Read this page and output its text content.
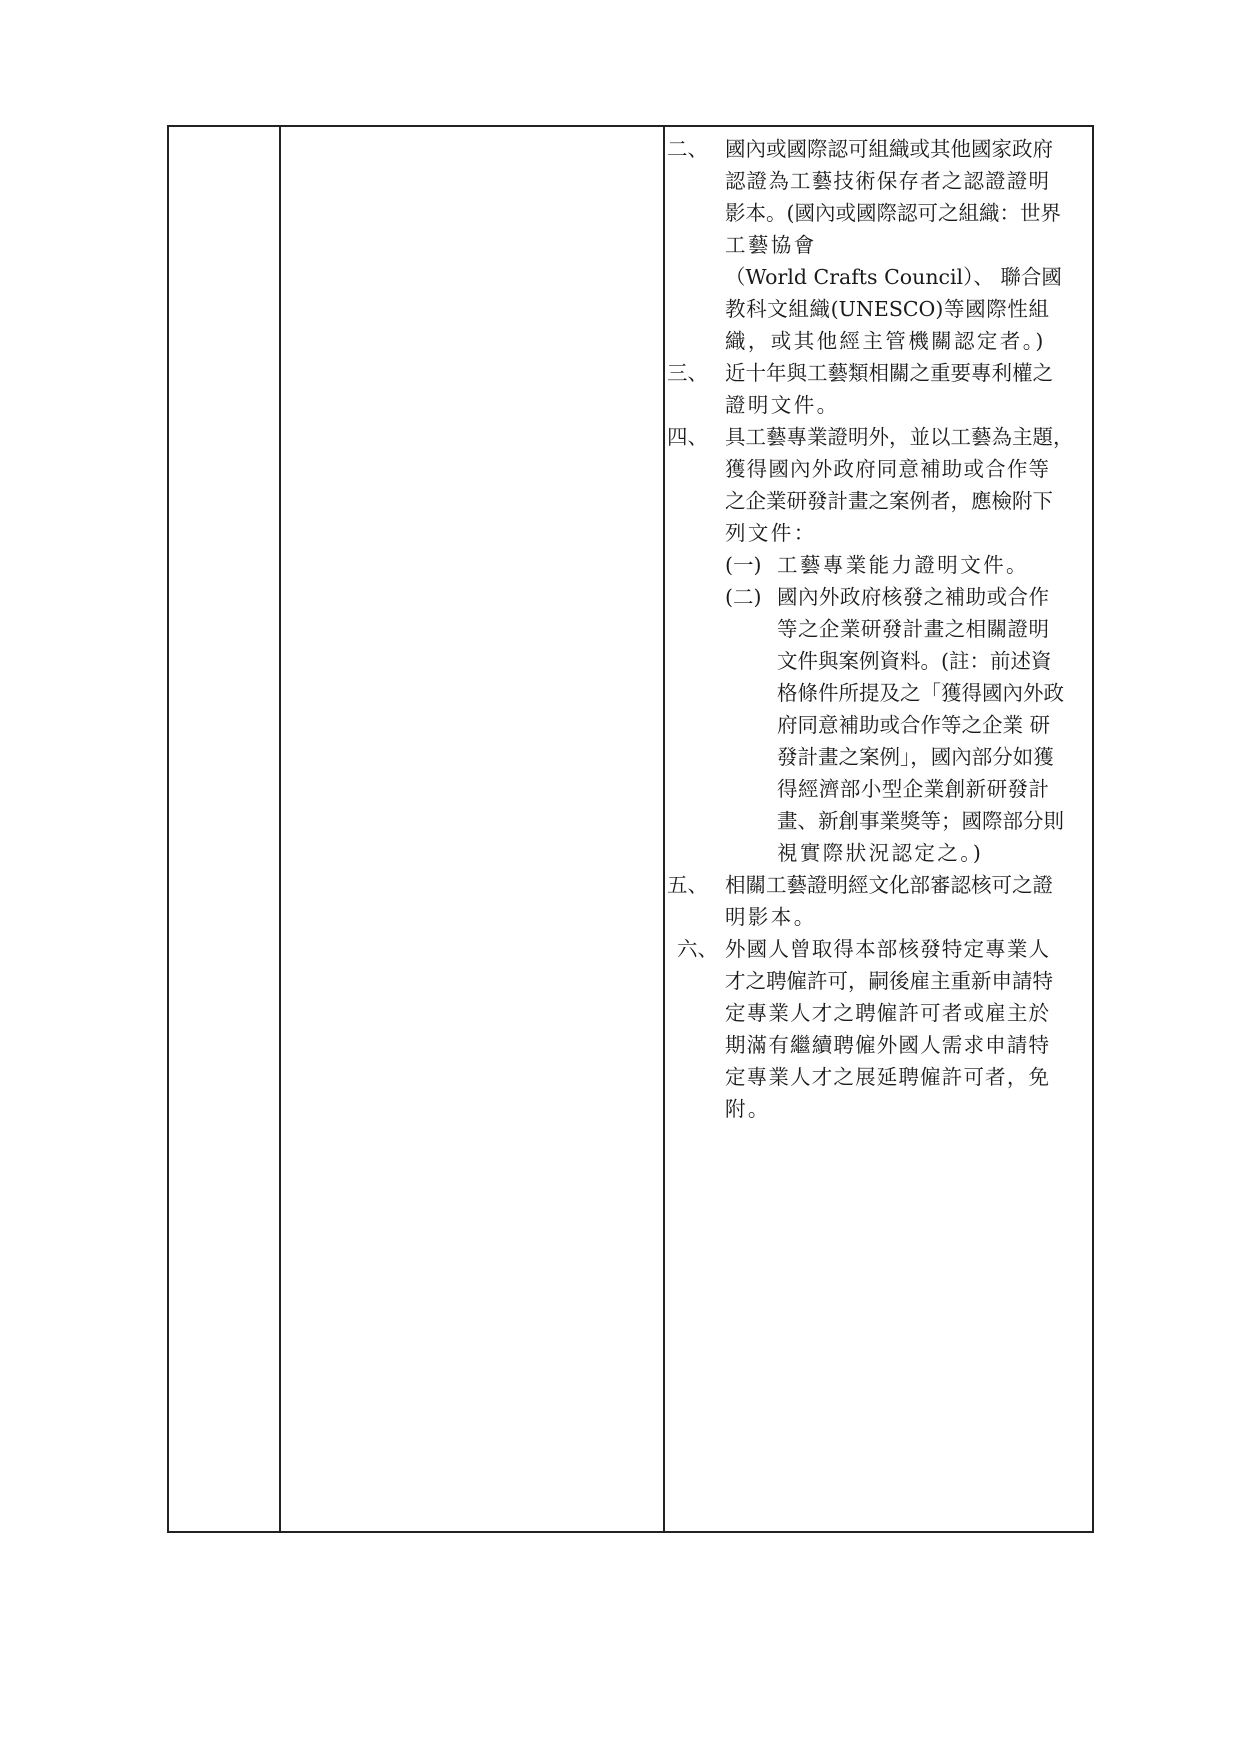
二、 國內或國際認可組織或其他國家政府
認證為工藝技術保存者之認證證明
影本。(國內或國際認可之組織：世界
工藝協會
（World Crafts Council）、 聯合國
教科文組織(UNESCO)等國際性組
織，或其他經主管機關認定者。)
三、 近十年與工藝類相關之重要專利權之
證明文件。
四、 具工藝專業證明外，並以工藝為主題，
獲得國內外政府同意補助或合作等
之企業研發計畫之案例者，應檢附下
列文件：
(一) 工藝專業能力證明文件。
(二) 國內外政府核發之補助或合作
等之企業研發計畫之相關證明
文件與案例資料。(註：前述資
格條件所提及之「獲得國內外政
府同意補助或合作等之企業 研
發計畫之案例」，國內部分如獲
得經濟部小型企業創新研發計
畫、新創事業獎等；國際部分則
視實際狀況認定之。)
五、 相關工藝證明經文化部審認核可之證
明影本。
六、 外國人曾取得本部核發特定專業人
才之聘僱許可，嗣後雇主重新申請特
定專業人才之聘僱許可者或雇主於
期滿有繼續聘僱外國人需求申請特
定專業人才之展延聘僱許可者，免
附。
